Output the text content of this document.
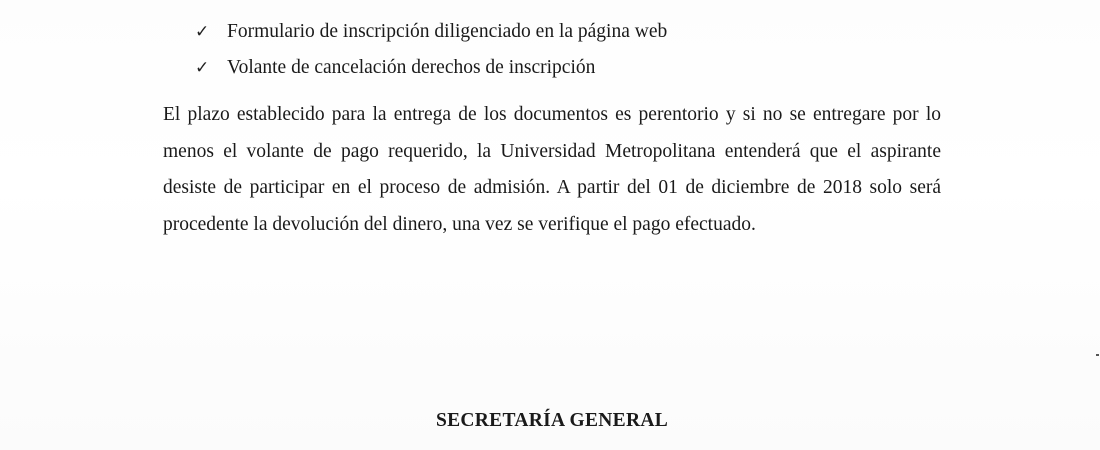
✓ Formulario de inscripción diligenciado en la página web
✓ Volante de cancelación derechos de inscripción

El plazo establecido para la entrega de los documentos es perentorio y si no se entregare por lo menos el volante de pago requerido, la Universidad Metropolitana entenderá que el aspirante desiste de participar en el proceso de admisión. A partir del 01 de diciembre de 2018 solo será procedente la devolución del dinero, una vez se verifique el pago efectuado.

SECRETARÍA GENERAL
